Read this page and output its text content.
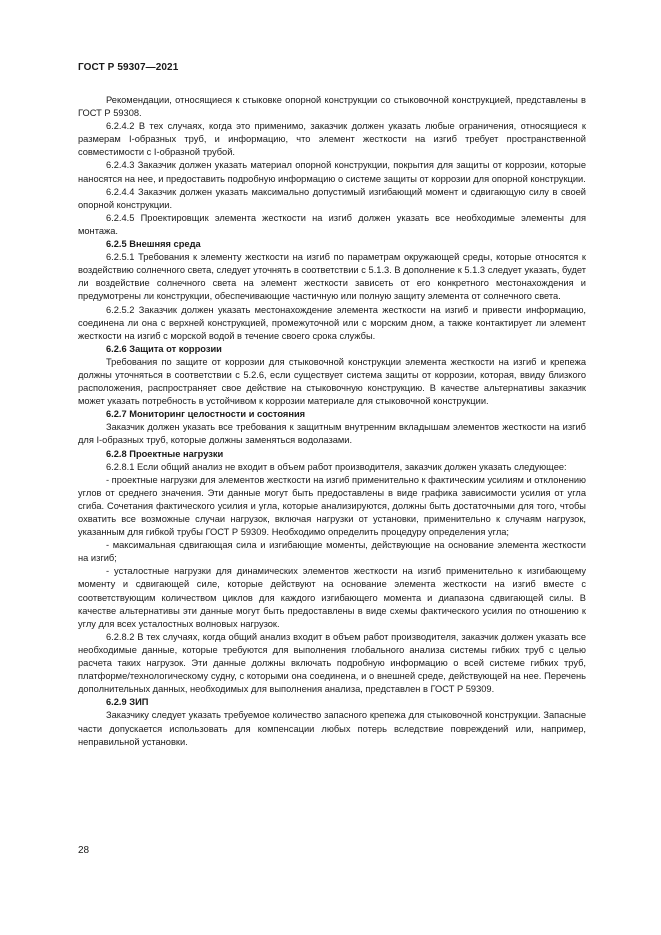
ГОСТ Р 59307—2021

Рекомендации, относящиеся к стыковке опорной конструкции со стыковочной конструкцией, представлены в ГОСТ Р 59308.

6.2.4.2 В тех случаях, когда это применимо, заказчик должен указать любые ограничения, относящиеся к размерам I-образных труб, и информацию, что элемент жесткости на изгиб требует пространственной совместимости с I-образной трубой.

6.2.4.3 Заказчик должен указать материал опорной конструкции, покрытия для защиты от коррозии, которые наносятся на нее, и предоставить подробную информацию о системе защиты от коррозии для опорной конструкции.

6.2.4.4 Заказчик должен указать максимально допустимый изгибающий момент и сдвигающую силу в своей опорной конструкции.

6.2.4.5 Проектировщик элемента жесткости на изгиб должен указать все необходимые элементы для монтажа.

6.2.5 Внешняя среда

6.2.5.1 Требования к элементу жесткости на изгиб по параметрам окружающей среды, которые относятся к воздействию солнечного света, следует уточнять в соответствии с 5.1.3. В дополнение к 5.1.3 следует указать, будет ли воздействие солнечного света на элемент жесткости зависеть от его конкретного местонахождения и предумотрены ли конструкции, обеспечивающие частичную или полную защиту элемента от солнечного света.

6.2.5.2 Заказчик должен указать местонахождение элемента жесткости на изгиб и привести информацию, соединена ли она с верхней конструкцией, промежуточной или с морским дном, а также контактирует ли элемент жесткости на изгиб с морской водой в течение своего срока службы.

6.2.6 Защита от коррозии

Требования по защите от коррозии для стыковочной конструкции элемента жесткости на изгиб и крепежа должны уточняться в соответствии с 5.2.6, если существует система защиты от коррозии, которая, ввиду близкого расположения, распространяет свое действие на стыковочную конструкцию. В качестве альтернативы заказчик может указать потребность в устойчивом к коррозии материале для стыковочной конструкции.

6.2.7 Мониторинг целостности и состояния

Заказчик должен указать все требования к защитным внутренним вкладышам элементов жесткости на изгиб для I-образных труб, которые должны заменяться водолазами.

6.2.8 Проектные нагрузки

6.2.8.1 Если общий анализ не входит в объем работ производителя, заказчик должен указать следующее:

- проектные нагрузки для элементов жесткости на изгиб применительно к фактическим усилиям и отклонению углов от среднего значения. Эти данные могут быть предоставлены в виде графика зависимости усилия от угла сгиба. Сочетания фактического усилия и угла, которые анализируются, должны быть достаточными для того, чтобы охватить все возможные случаи нагрузок, включая нагрузки от установки, применительно к случаям нагрузок, указанным для гибкой трубы ГОСТ Р 59309. Необходимо определить процедуру определения угла;

- максимальная сдвигающая сила и изгибающие моменты, действующие на основание элемента жесткости на изгиб;

- усталостные нагрузки для динамических элементов жесткости на изгиб применительно к изгибающему моменту и сдвигающей силе, которые действуют на основание элемента жесткости на изгиб вместе с соответствующим количеством циклов для каждого изгибающего момента и диапазона сдвигающей силы. В качестве альтернативы эти данные могут быть предоставлены в виде схемы фактического усилия по отношению к углу для всех усталостных волновых нагрузок.

6.2.8.2 В тех случаях, когда общий анализ входит в объем работ производителя, заказчик должен указать все необходимые данные, которые требуются для выполнения глобального анализа системы гибких труб с целью расчета таких нагрузок. Эти данные должны включать подробную информацию о всей системе гибких труб, платформе/технологическому судну, с которыми она соединена, и о внешней среде, действующей на нее. Перечень дополнительных данных, необходимых для выполнения анализа, представлен в ГОСТ Р 59309.

6.2.9 ЗИП

Заказчику следует указать требуемое количество запасного крепежа для стыковочной конструкции. Запасные части допускается использовать для компенсации любых потерь вследствие повреждений или, например, неправильной установки.

28
